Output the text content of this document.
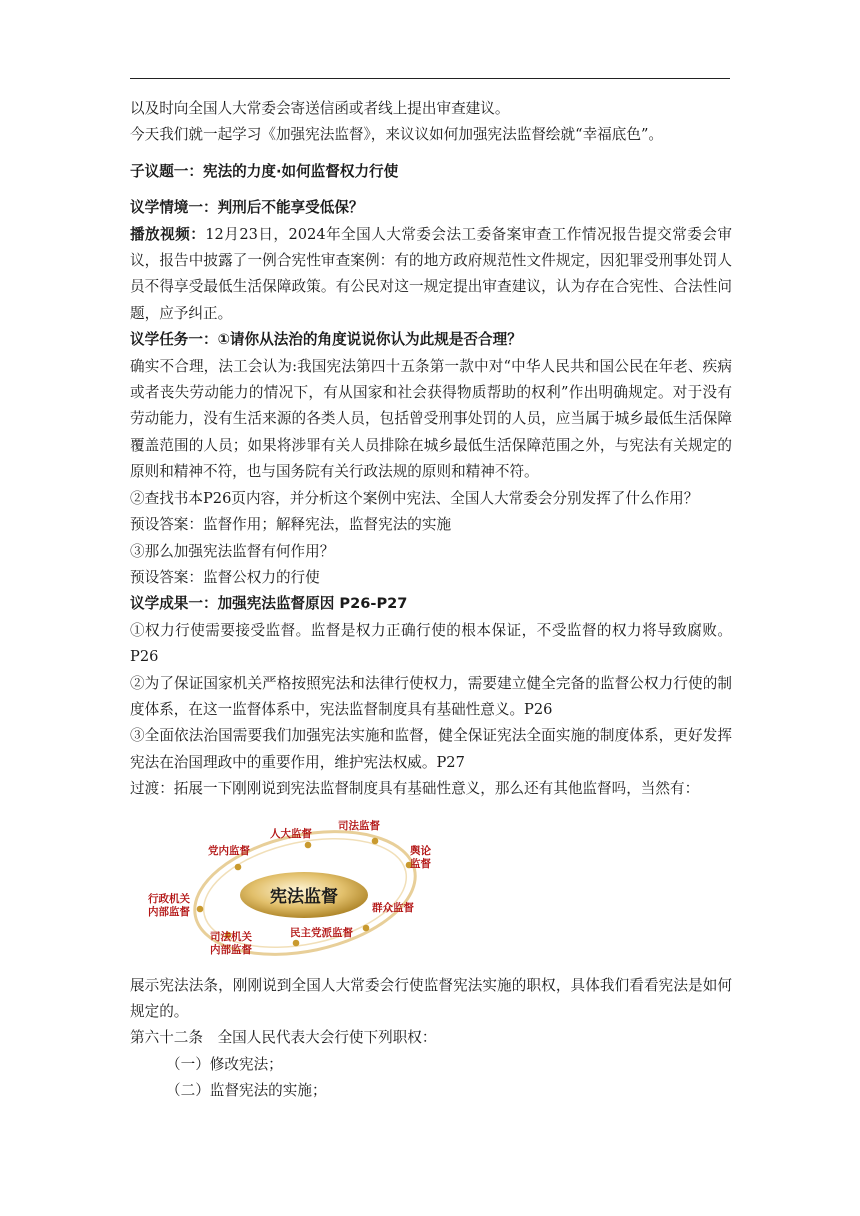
以及时向全国人大常委会寄送信函或者线上提出审查建议。

今天我们就一起学习《加强宪法监督》，来议议如何加强宪法监督绘就“幸福底色”。

子议题一：宪法的力度·如何监督权力行使

议学情境一：判刑后不能享受低保？

播放视频：12月23日，2024年全国人大常委会法工委备案审查工作情况报告提交常委会审议，报告中披露了一例合宪性审查案例：有的地方政府规范性文件规定，因犯罪受刑事处罚人员不得享受最低生活保障政策。有公民对这一规定提出审查建议，认为存在合宪性、合法性问题，应予纠正。

议学任务一：①请你从法治的角度说说你认为此规是否合理？

确实不合理，法工会认为:我国宪法第四十五条第一款中对“中华人民共和国公民在年老、疾病或者丧失劳动能力的情况下，有从国家和社会获得物质帮助的权利”作出明确规定。对于没有劳动能力，没有生活来源的各类人员，包括曾受刑事处罚的人员，应当属于城乡最低生活保障覆盖范围的人员；如果将涉罪有关人员排除在城乡最低生活保障范围之外，与宪法有关规定的原则和精神不符，也与国务院有关行政法规的原则和精神不符。

②查找书本P26页内容，并分析这个案例中宪法、全国人大常委会分别发挥了什么作用？

预设答案：监督作用；解释宪法，监督宪法的实施

③那么加强宪法监督有何作用？

预设答案：监督公权力的行使

议学成果一：加强宪法监督原因 P26-P27

①权力行使需要接受监督。监督是权力正确行使的根本保证，不受监督的权力将导致腐败。P26

②为了保证国家机关严格按照宪法和法律行使权力，需要建立健全完备的监督公权力行使的制度体系，在这一监督体系中，宪法监督制度具有基础性意义。P26

③全面依法治国需要我们加强宪法实施和监督，健全保证宪法全面实施的制度体系，更好发挥宪法在治国理政中的重要作用，维护宪法权威。P27

过渡：拓展一下刚刚说到宪法监督制度具有基础性意义，那么还有其他监督吗，当然有：

宪法监督
党内监督
人大监督
司法监督
舆论
监督
群众监督
民主党派监督
司法机关
内部监督
行政机关
内部监督

展示宪法法条，刚刚说到全国人大常委会行使监督宪法实施的职权，具体我们看看宪法是如何规定的。

第六十二条　全国人民代表大会行使下列职权：

（一）修改宪法；

（二）监督宪法的实施；
